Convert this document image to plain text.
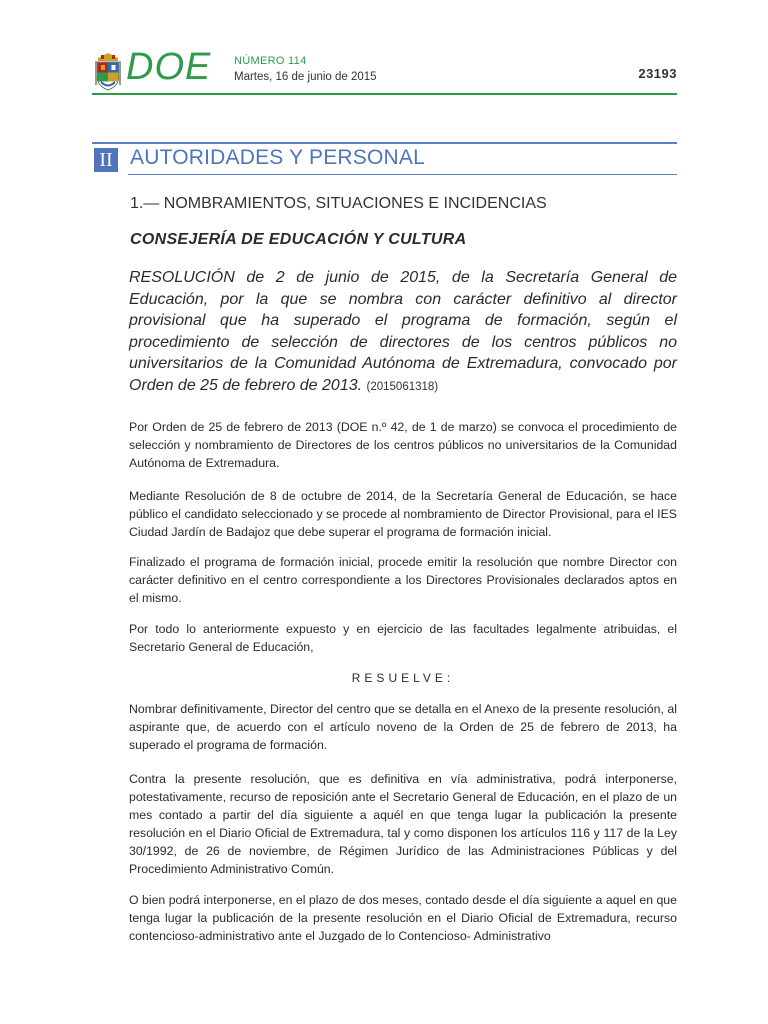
DOE NÚMERO 114
Martes, 16 de junio de 2015	23193
II AUTORIDADES Y PERSONAL
1.— NOMBRAMIENTOS, SITUACIONES E INCIDENCIAS
CONSEJERÍA DE EDUCACIÓN Y CULTURA
RESOLUCIÓN de 2 de junio de 2015, de la Secretaría General de Educación, por la que se nombra con carácter definitivo al director provisional que ha superado el programa de formación, según el procedimiento de selección de directores de los centros públicos no universitarios de la Comunidad Autónoma de Extremadura, convocado por Orden de 25 de febrero de 2013. (2015061318)
Por Orden de 25 de febrero de 2013 (DOE n.º 42, de 1 de marzo) se convoca el procedimiento de selección y nombramiento de Directores de los centros públicos no universitarios de la Comunidad Autónoma de Extremadura.
Mediante Resolución de 8 de octubre de 2014, de la Secretaría General de Educación, se hace público el candidato seleccionado y se procede al nombramiento de Director Provisional, para el IES Ciudad Jardín de Badajoz que debe superar el programa de formación inicial.
Finalizado el programa de formación inicial, procede emitir la resolución que nombre Director con carácter definitivo en el centro correspondiente a los Directores Provisionales declarados aptos en el mismo.
Por todo lo anteriormente expuesto y en ejercicio de las facultades legalmente atribuidas, el Secretario General de Educación,
RESUELVE:
Nombrar definitivamente, Director del centro que se detalla en el Anexo de la presente resolución, al aspirante que, de acuerdo con el artículo noveno de la Orden de 25 de febrero de 2013, ha superado el programa de formación.
Contra la presente resolución, que es definitiva en vía administrativa, podrá interponerse, potestativamente, recurso de reposición ante el Secretario General de Educación, en el plazo de un mes contado a partir del día siguiente a aquél en que tenga lugar la publicación la presente resolución en el Diario Oficial de Extremadura, tal y como disponen los artículos 116 y 117 de la Ley 30/1992, de 26 de noviembre, de Régimen Jurídico de las Administraciones Públicas y del Procedimiento Administrativo Común.
O bien podrá interponerse, en el plazo de dos meses, contado desde el día siguiente a aquel en que tenga lugar la publicación de la presente resolución en el Diario Oficial de Extremadura, recurso contencioso-administrativo ante el Juzgado de lo Contencioso- Administrativo
